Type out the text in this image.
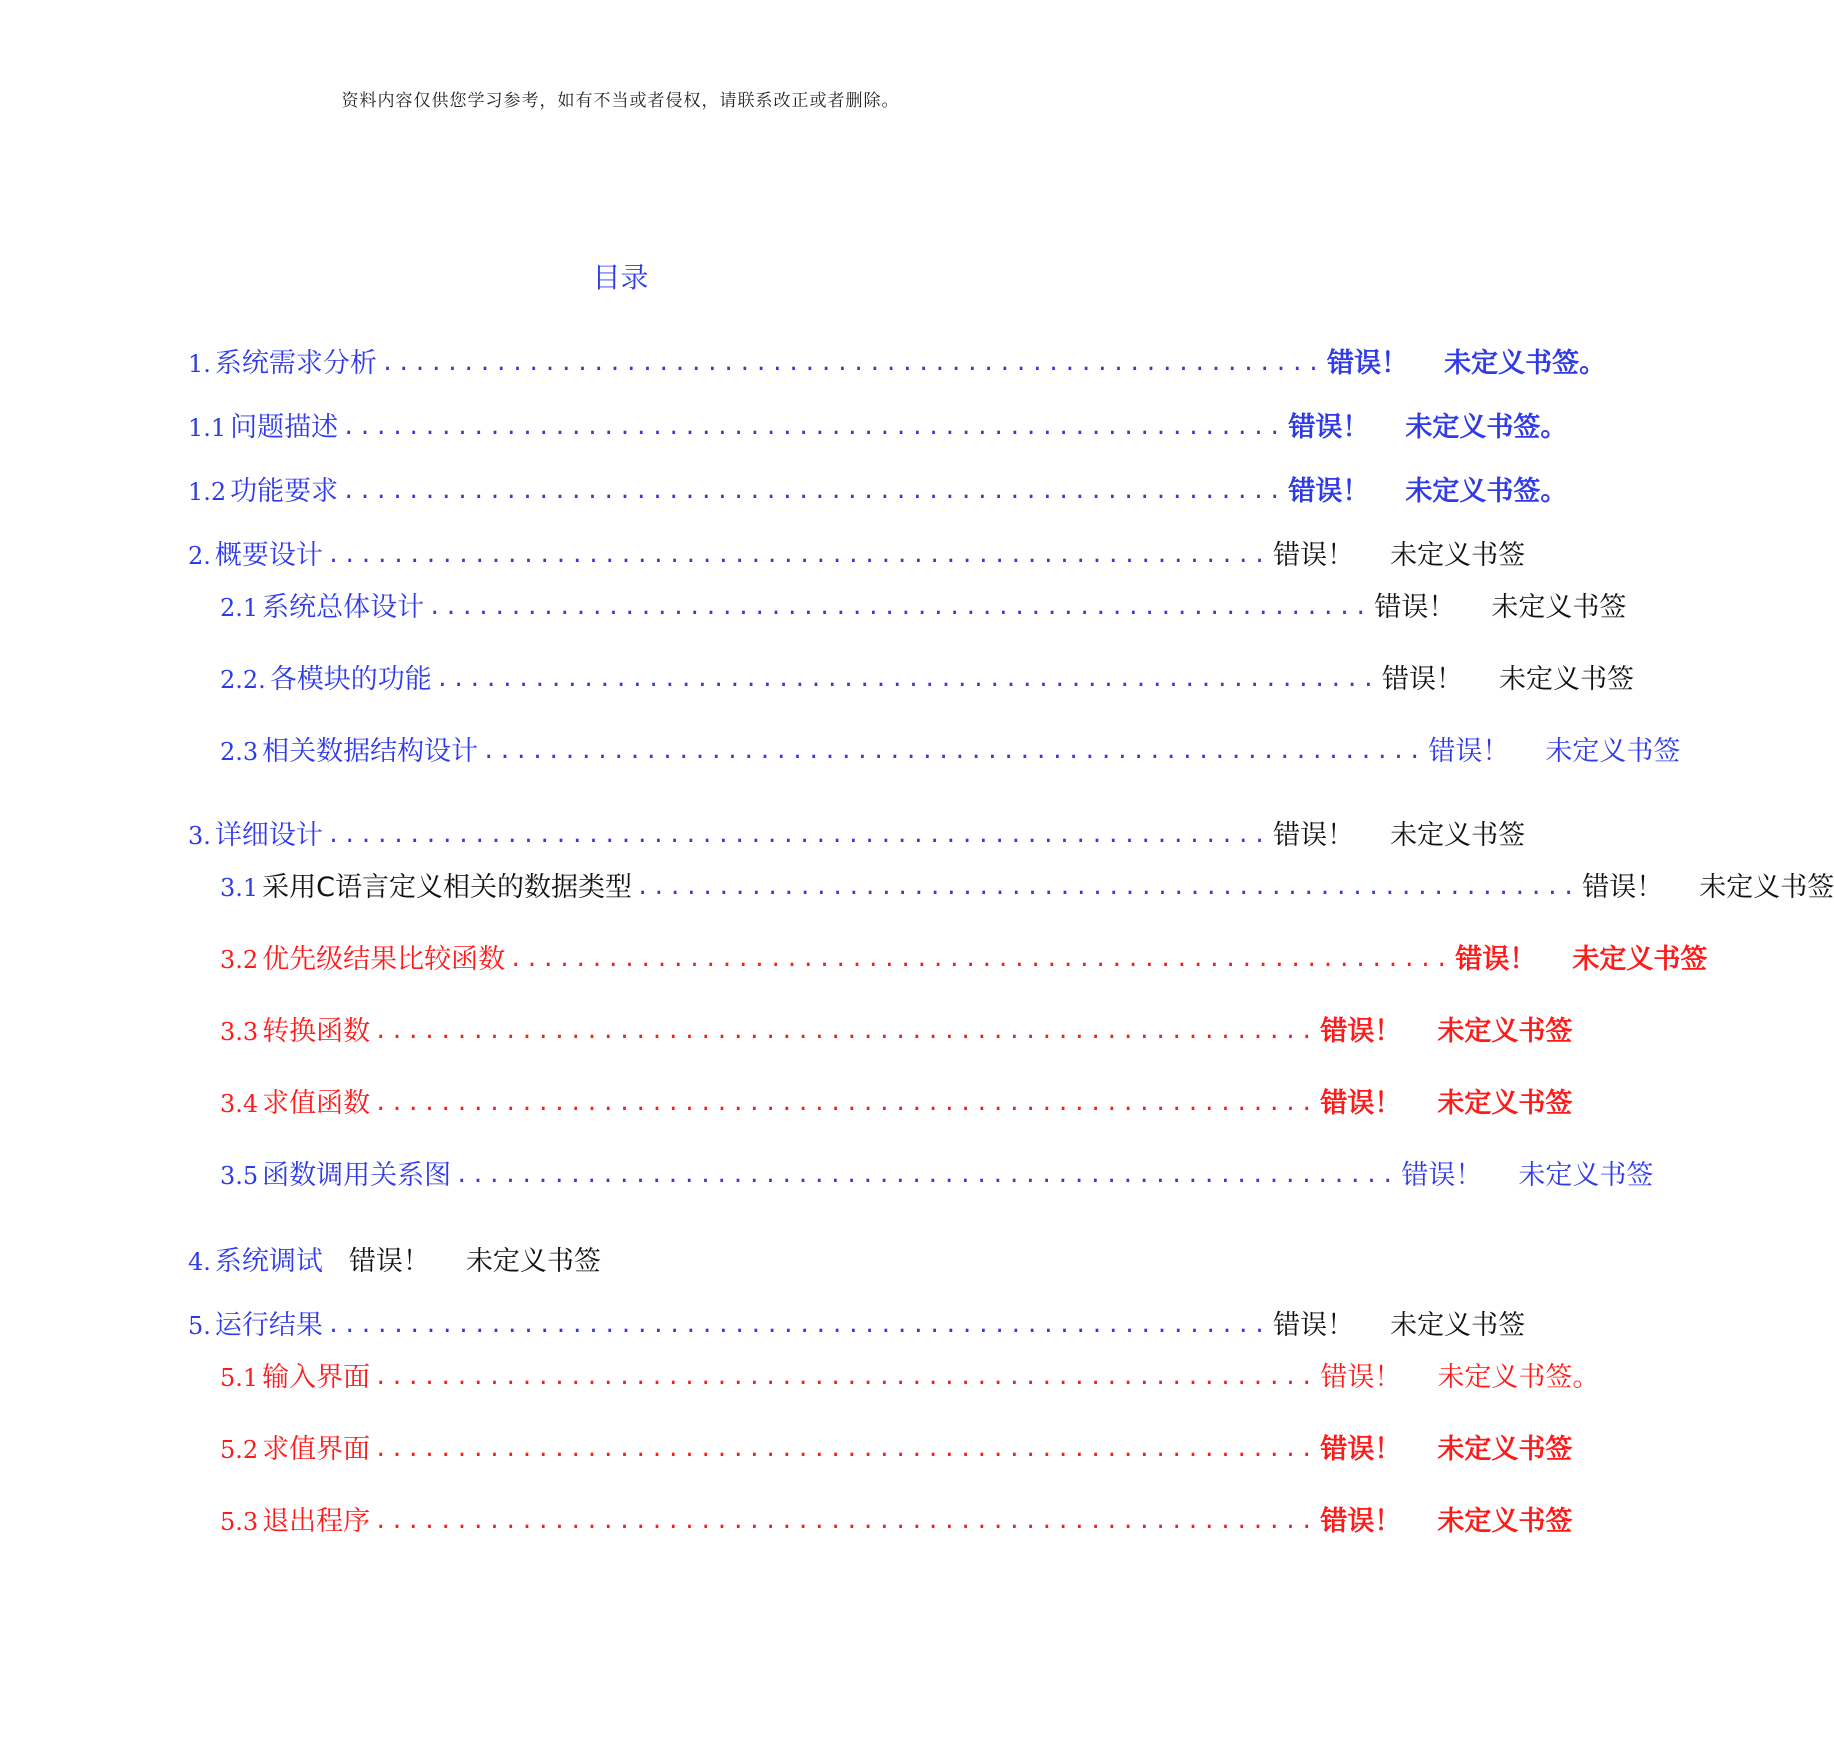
资料内容仅供您学习参考，如有不当或者侵权，请联系改正或者删除。
目录
1. 系统需求分析 .......................................................... 错误！ 未定义书签。
1.1 问题描述 .......................................................... 错误！ 未定义书签。
1.2 功能要求 .......................................................... 错误！ 未定义书签。
2. 概要设计 .......................................................... 错误！ 未定义书签
2.1 系统总体设计 .......................................................... 错误！ 未定义书签
2.2. 各模块的功能 .......................................................... 错误！ 未定义书签
2.3 相关数据结构设计 .......................................................... 错误！ 未定义书签
3. 详细设计 .......................................................... 错误！ 未定义书签
3.1 采用C语言定义相关的数据类型 .......................................................... 错误！ 未定义书签
3.2 优先级结果比较函数 .......................................................... 错误！ 未定义书签
3.3 转换函数 .......................................................... 错误！ 未定义书签
3.4 求值函数 .......................................................... 错误！ 未定义书签
3.5 函数调用关系图 .......................................................... 错误！ 未定义书签
4. 系统调试 错误！ 未定义书签
5. 运行结果 .......................................................... 错误！ 未定义书签
5.1 输入界面 .......................................................... 错误！ 未定义书签。
5.2 求值界面 .......................................................... 错误！ 未定义书签
5.3 退出程序 .......................................................... 错误！ 未定义书签
